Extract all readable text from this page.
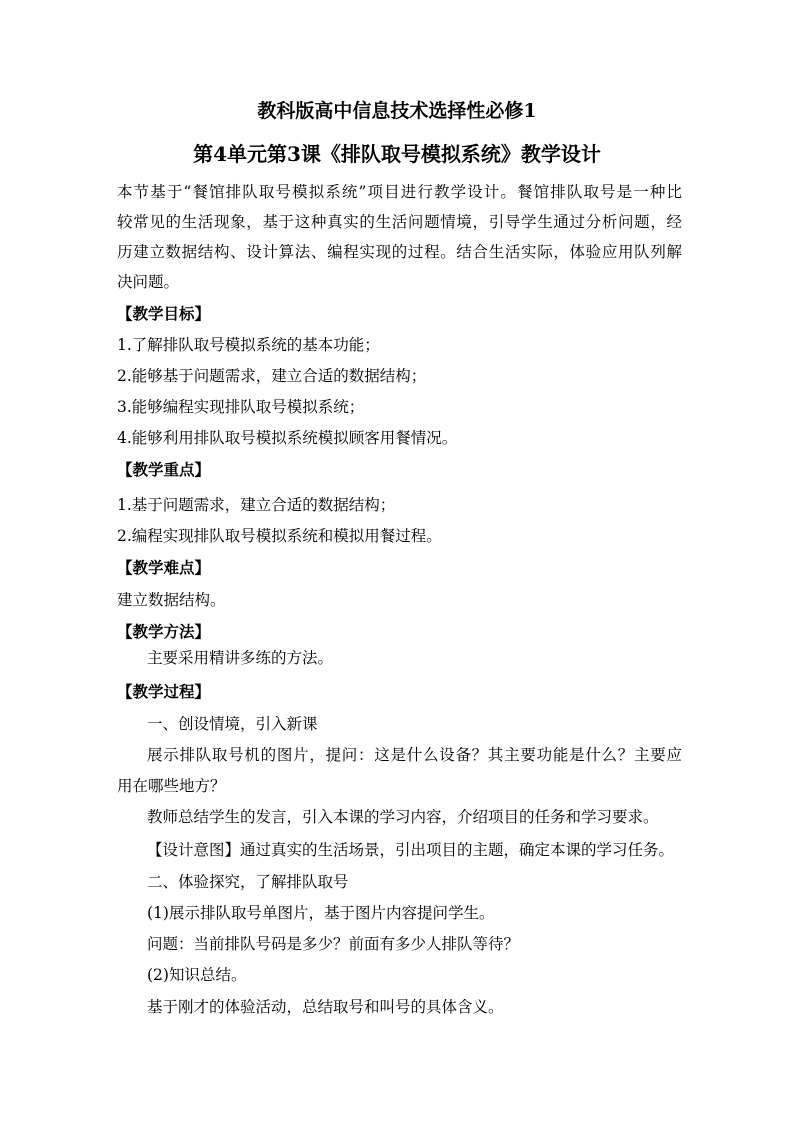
教科版高中信息技术选择性必修1
第4单元第3课《排队取号模拟系统》教学设计
本节基于“餐馆排队取号模拟系统”项目进行教学设计。餐馆排队取号是一种比
较常见的生活现象，基于这种真实的生活问题情境，引导学生通过分析问题，经
历建立数据结构、设计算法、编程实现的过程。结合生活实际，体验应用队列解
决问题。
【教学目标】
1.了解排队取号模拟系统的基本功能；
2.能够基于问题需求，建立合适的数据结构；
3.能够编程实现排队取号模拟系统；
4.能够利用排队取号模拟系统模拟顾客用餐情况。
【教学重点】
1.基于问题需求，建立合适的数据结构；
2.编程实现排队取号模拟系统和模拟用餐过程。
【教学难点】
建立数据结构。
【教学方法】
主要采用精讲多练的方法。
【教学过程】
一、创设情境，引入新课
展示排队取号机的图片，提问：这是什么设备？其主要功能是什么？主要应
用在哪些地方？
教师总结学生的发言，引入本课的学习内容，介绍项目的任务和学习要求。
【设计意图】通过真实的生活场景，引出项目的主题，确定本课的学习任务。
二、体验探究，了解排队取号
(1)展示排队取号单图片，基于图片内容提问学生。
问题：当前排队号码是多少？前面有多少人排队等待？
(2)知识总结。
基于刚才的体验活动，总结取号和叫号的具体含义。
